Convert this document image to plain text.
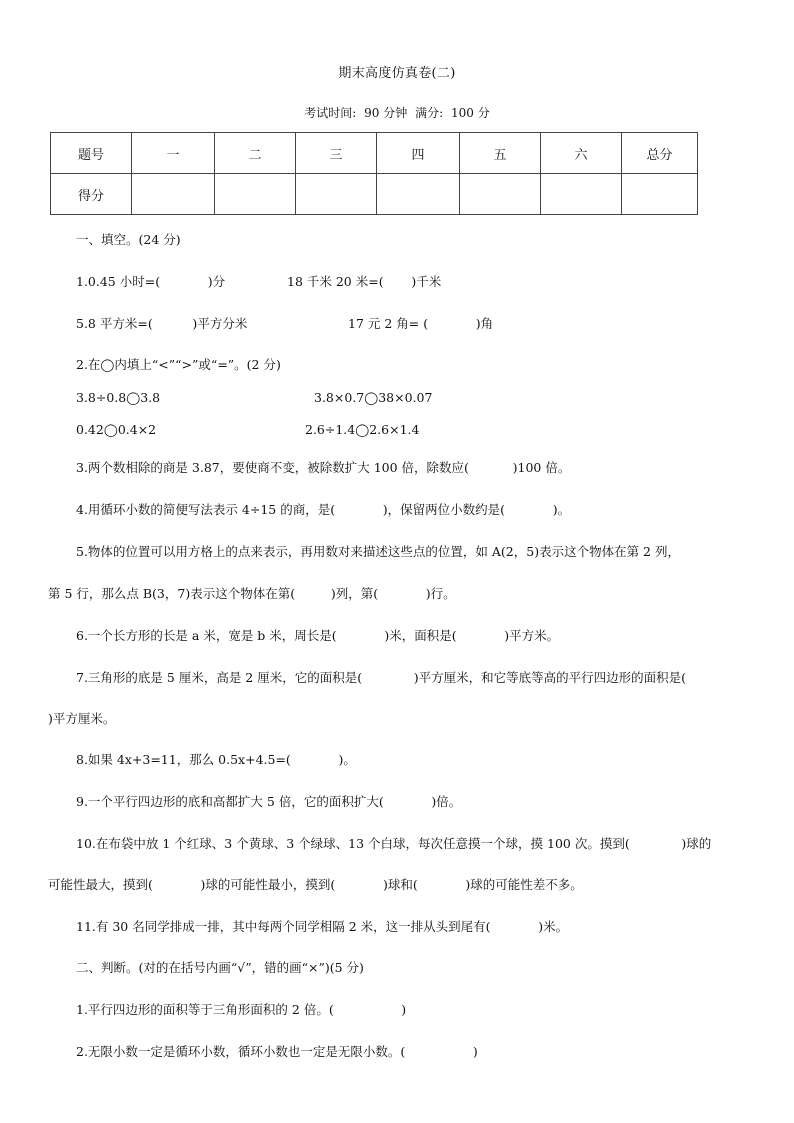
期末高度仿真卷(二)
考试时间: 90 分钟 满分: 100 分
题号	一	二	三	四	五	六	总分
得分							
一、填空。(24 分)
1.0.45 小时=(            )分	18 千米 20 米=(       )千米
5.8 平方米=(          )平方分米	17 元 2 角= (            )角
2.在◯内填上“<”“>”或“=”。(2 分)
3.8÷0.8◯3.8	3.8×0.7◯38×0.07
0.42◯0.4×2	2.6÷1.4◯2.6×1.4
3.两个数相除的商是 3.87，要使商不变，被除数扩大 100 倍，除数应(           )100 倍。
4.用循环小数的简便写法表示 4÷15 的商，是(            )，保留两位小数约是(            )。
5.物体的位置可以用方格上的点来表示，再用数对来描述这些点的位置，如 A(2，5)表示这个物体在第 2 列，
第 5 行，那么点 B(3，7)表示这个物体在第(         )列，第(            )行。
6.一个长方形的长是 a 米，宽是 b 米，周长是(            )米，面积是(            )平方米。
7.三角形的底是 5 厘米，高是 2 厘米，它的面积是(             )平方厘米，和它等底等高的平行四边形的面积是(
)平方厘米。
8.如果 4x+3=11，那么 0.5x+4.5=(            )。
9.一个平行四边形的底和高都扩大 5 倍，它的面积扩大(            )倍。
10.在布袋中放 1 个红球、3 个黄球、3 个绿球、13 个白球，每次任意摸一个球，摸 100 次。摸到(             )球的
可能性最大，摸到(            )球的可能性最小，摸到(            )球和(            )球的可能性差不多。
11.有 30 名同学排成一排，其中每两个同学相隔 2 米，这一排从头到尾有(            )米。
二、判断。(对的在括号内画“√”，错的画“×”)(5 分)
1.平行四边形的面积等于三角形面积的 2 倍。(                 )
2.无限小数一定是循环小数，循环小数也一定是无限小数。(                 )
